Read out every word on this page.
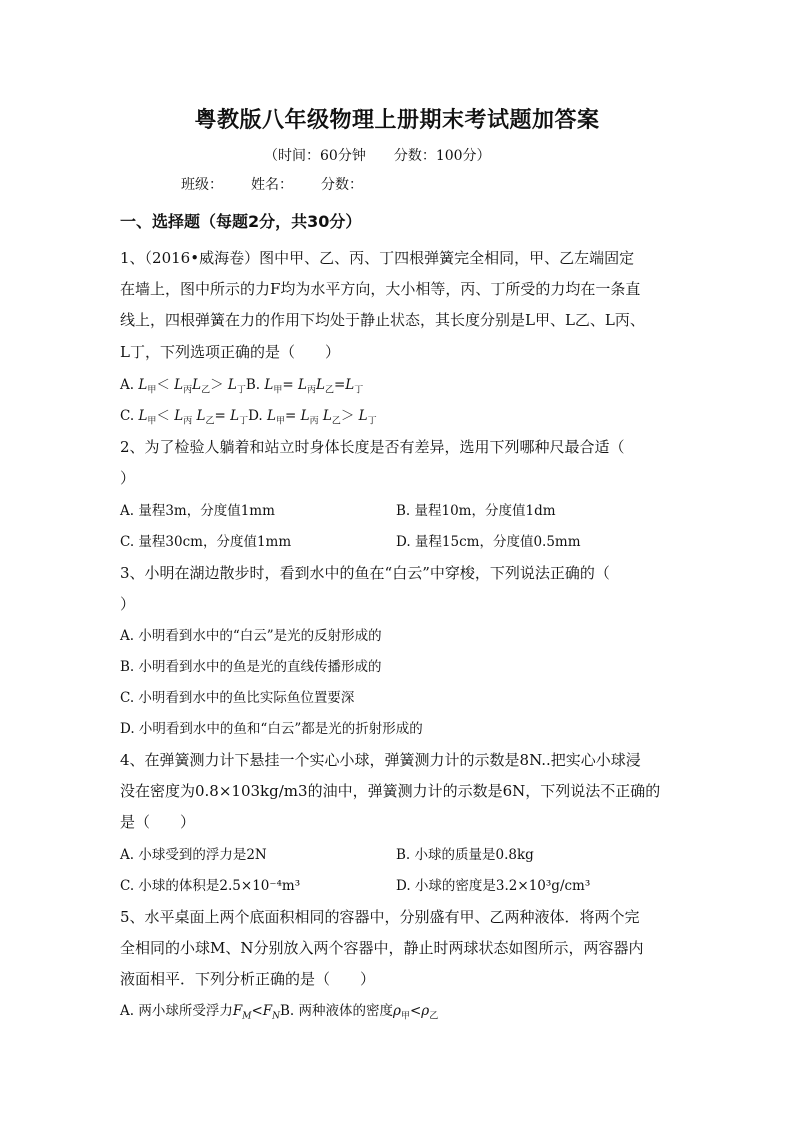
粤教版八年级物理上册期末考试题加答案
（时间：60分钟 分数：100分）
班级： 姓名： 分数：
一、选择题（每题2分，共30分）
1、（2016•威海卷）图中甲、乙、丙、丁四根弹簧完全相同，甲、乙左端固定
在墙上，图中所示的力F均为水平方向，大小相等，丙、丁所受的力均在一条直
线上，四根弹簧在力的作用下均处于静止状态，其长度分别是L甲、L乙、L丙、
L丁，下列选项正确的是（　　）
A. $L_甲< L_丙L_乙> L_丁B$. $L_甲= L_丙L_乙=L_丁$
C. $L_甲< L_丙$ $L_乙= L_丁D$. $L_甲= L_丙$ $L_乙> L_丁$
2、为了检验人躺着和站立时身体长度是否有差异，选用下列哪种尺最合适（
）
A. 量程3m，分度值1mm	B. 量程10m，分度值1dm
C. 量程30cm，分度值1mm	D. 量程15cm，分度值0.5mm
3、小明在湖边散步时，看到水中的鱼在“白云”中穿梭，下列说法正确的（
）
A. 小明看到水中的“白云”是光的反射形成的
B. 小明看到水中的鱼是光的直线传播形成的
C. 小明看到水中的鱼比实际鱼位置要深
D. 小明看到水中的鱼和“白云”都是光的折射形成的
4、在弹簧测力计下悬挂一个实心小球，弹簧测力计的示数是8N..把实心小球浸
没在密度为0.8×103kg/m3的油中，弹簧测力计的示数是6N，下列说法不正确的
是（　　）
A. 小球受到的浮力是2N	B. 小球的质量是0.8kg
C. 小球的体积是2.5×10⁻⁴m³	D. 小球的密度是3.2×10³g/cm³
5、水平桌面上两个底面积相同的容器中，分别盛有甲、乙两种液体．将两个完
全相同的小球M、N分别放入两个容器中，静止时两球状态如图所示，两容器内
液面相平．下列分析正确的是（　　）
A. 两小球所受浮力$F_M<F_NB$. 两种液体的密度$\rho_甲<\rho_乙$
